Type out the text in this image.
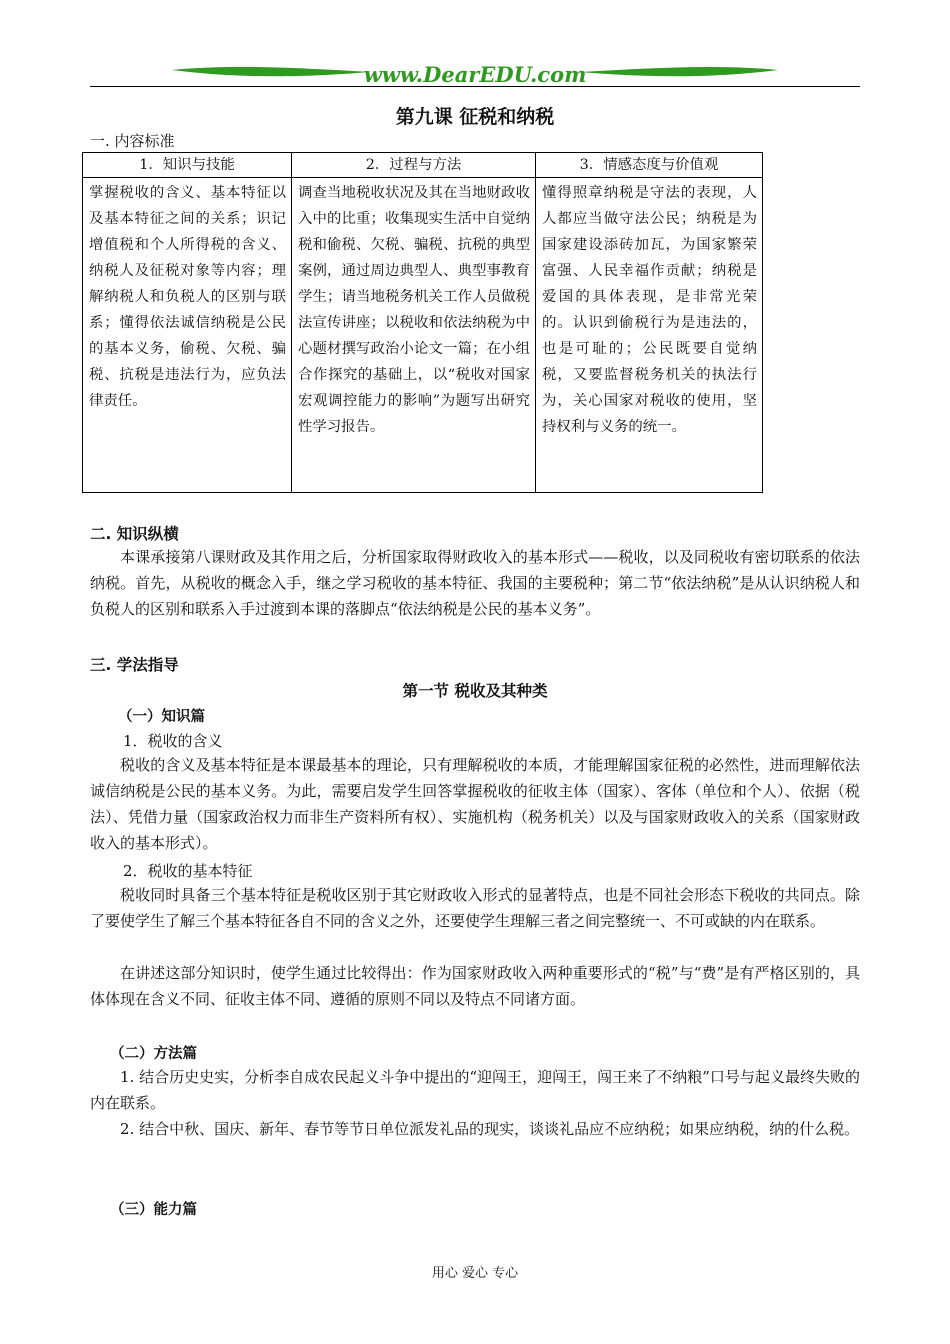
www.DearEDU.com
第九课 征税和纳税
一. 内容标准
1．知识与技能	2．过程与方法	3．情感态度与价值观
掌握税收的含义、基本特征以及基本特征之间的关系；识记增值税和个人所得税的含义、纳税人及征税对象等内容；理解纳税人和负税人的区别与联系；懂得依法诚信纳税是公民的基本义务，偷税、欠税、骗税、抗税是违法行为，应负法律责任。	调查当地税收状况及其在当地财政收入中的比重；收集现实生活中自觉纳税和偷税、欠税、骗税、抗税的典型案例，通过周边典型人、典型事教育学生；请当地税务机关工作人员做税法宣传讲座；以税收和依法纳税为中心题材撰写政治小论文一篇；在小组合作探究的基础上，以“税收对国家宏观调控能力的影响”为题写出研究性学习报告。	懂得照章纳税是守法的表现，人人都应当做守法公民；纳税是为国家建设添砖加瓦，为国家繁荣富强、人民幸福作贡献；纳税是爱国的具体表现，是非常光荣的。认识到偷税行为是违法的，也是可耻的；公民既要自觉纳税，又要监督税务机关的执法行为，关心国家对税收的使用，坚持权利与义务的统一。
二. 知识纵横
本课承接第八课财政及其作用之后，分析国家取得财政收入的基本形式——税收，以及同税收有密切联系的依法纳税。首先，从税收的概念入手，继之学习税收的基本特征、我国的主要税种；第二节“依法纳税”是从认识纳税人和负税人的区别和联系入手过渡到本课的落脚点“依法纳税是公民的基本义务”。
三. 学法指导
第一节 税收及其种类
（一）知识篇
1．税收的含义
税收的含义及基本特征是本课最基本的理论，只有理解税收的本质，才能理解国家征税的必然性，进而理解依法诚信纳税是公民的基本义务。为此，需要启发学生回答掌握税收的征收主体（国家）、客体（单位和个人）、依据（税法）、凭借力量（国家政治权力而非生产资料所有权）、实施机构（税务机关）以及与国家财政收入的关系（国家财政收入的基本形式）。
2．税收的基本特征
税收同时具备三个基本特征是税收区别于其它财政收入形式的显著特点，也是不同社会形态下税收的共同点。除了要使学生了解三个基本特征各自不同的含义之外，还要使学生理解三者之间完整统一、不可或缺的内在联系。
在讲述这部分知识时，使学生通过比较得出：作为国家财政收入两种重要形式的“税”与“费”是有严格区别的，具体体现在含义不同、征收主体不同、遵循的原则不同以及特点不同诸方面。
（二）方法篇
1. 结合历史史实，分析李自成农民起义斗争中提出的“迎闯王，迎闯王，闯王来了不纳粮”口号与起义最终失败的内在联系。
2. 结合中秋、国庆、新年、春节等节日单位派发礼品的现实，谈谈礼品应不应纳税；如果应纳税，纳的什么税。
（三）能力篇
用心 爱心 专心
